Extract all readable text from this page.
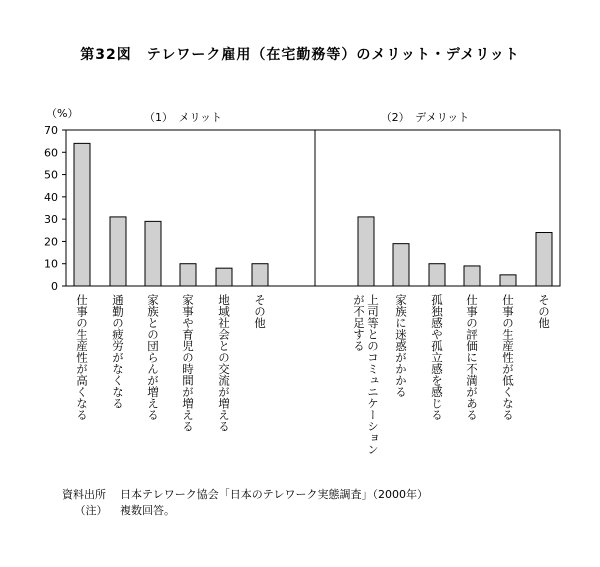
第32図　テレワーク雇用（在宅勤務等）のメリット・デメリット
0
10
20
30
40
50
60
70
（%）	（1）　メリット	（2）　デメリット
仕事の生産性が高くなる 通勤の疲労がなくなる 家族との団らんが増える 家事や育児の時間が増える 地域社会との交流が増える その他	上司等とのコミュニケーション
が不足する	家族に迷惑がかかる 孤独感や孤立感を感じる 仕事の評価に不満がある 仕事の生産性が低くなる その他
資料出所 日本テレワーク協会「日本のテレワーク実態調査」（2000年）
（注） 複数回答。
